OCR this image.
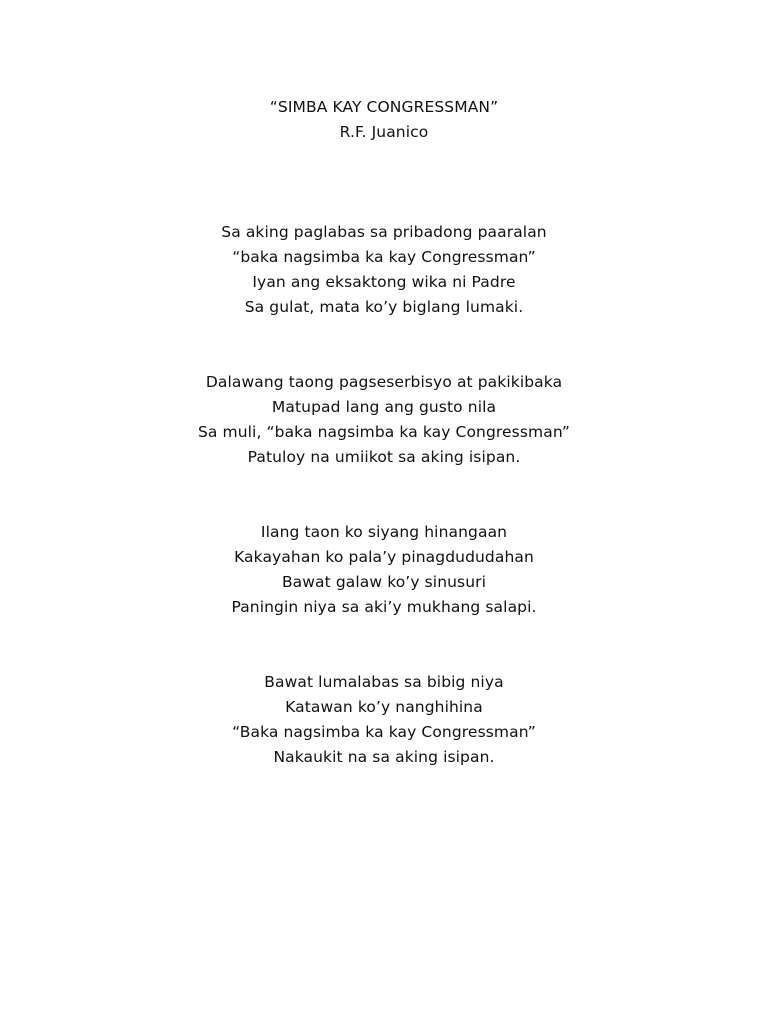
“SIMBA KAY CONGRESSMAN”
R.F. Juanico
Sa aking paglabas sa pribadong paaralan
“baka nagsimba ka kay Congressman”
Iyan ang eksaktong wika ni Padre
Sa gulat, mata ko’y biglang lumaki.
Dalawang taong pagseserbisyo at pakikibaka
Matupad lang ang gusto nila
Sa muli, “baka nagsimba ka kay Congressman”
Patuloy na umiikot sa aking isipan.
Ilang taon ko siyang hinangaan
Kakayahan ko pala’y pinagdududahan
Bawat galaw ko’y sinusuri
Paningin niya sa aki’y mukhang salapi.
Bawat lumalabas sa bibig niya
Katawan ko’y nanghihina
“Baka nagsimba ka kay Congressman”
Nakaukit na sa aking isipan.
